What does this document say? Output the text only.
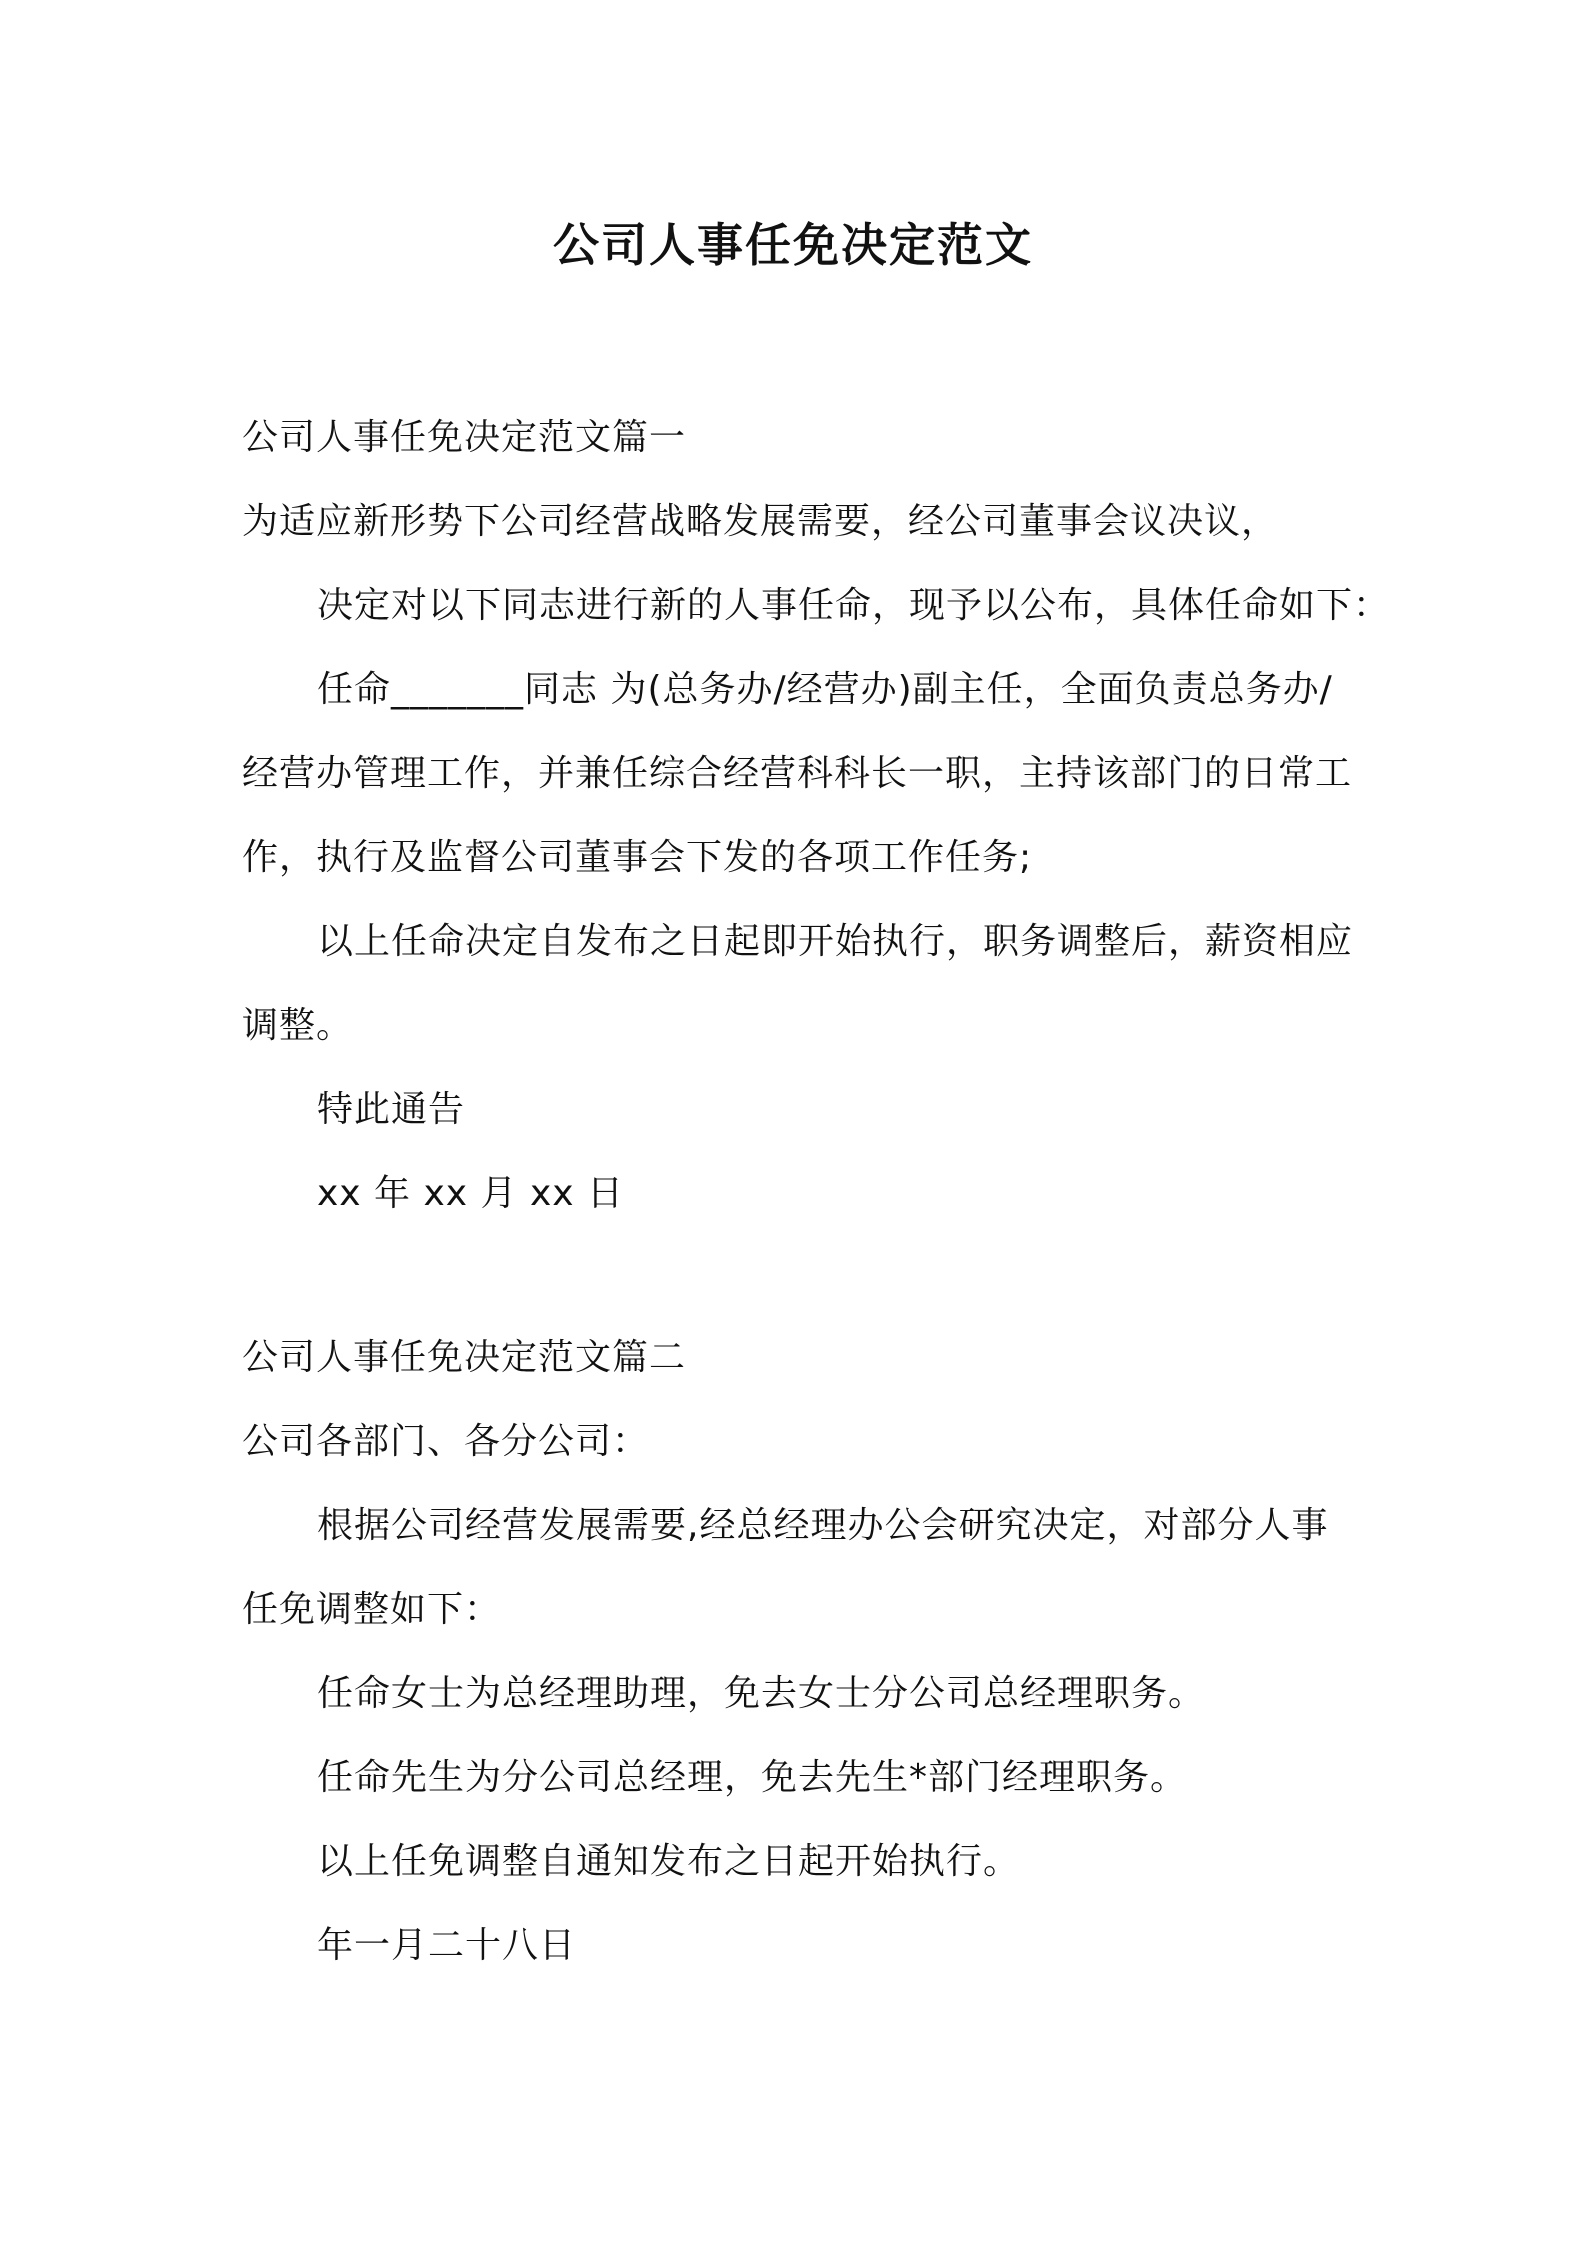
公司人事任免决定范文
公司人事任免决定范文篇一
为适应新形势下公司经营战略发展需要，经公司董事会议决议，
决定对以下同志进行新的人事任命，现予以公布，具体任命如下：
任命_______同志 为(总务办/经营办)副主任，全面负责总务办/
经营办管理工作，并兼任综合经营科科长一职，主持该部门的日常工
作，执行及监督公司董事会下发的各项工作任务;
以上任命决定自发布之日起即开始执行，职务调整后，薪资相应
调整。
特此通告
xx 年 xx 月 xx 日
公司人事任免决定范文篇二
公司各部门、各分公司：
根据公司经营发展需要,经总经理办公会研究决定，对部分人事
任免调整如下：
任命女士为总经理助理，免去女士分公司总经理职务。
任命先生为分公司总经理，免去先生*部门经理职务。
以上任免调整自通知发布之日起开始执行。
年一月二十八日
